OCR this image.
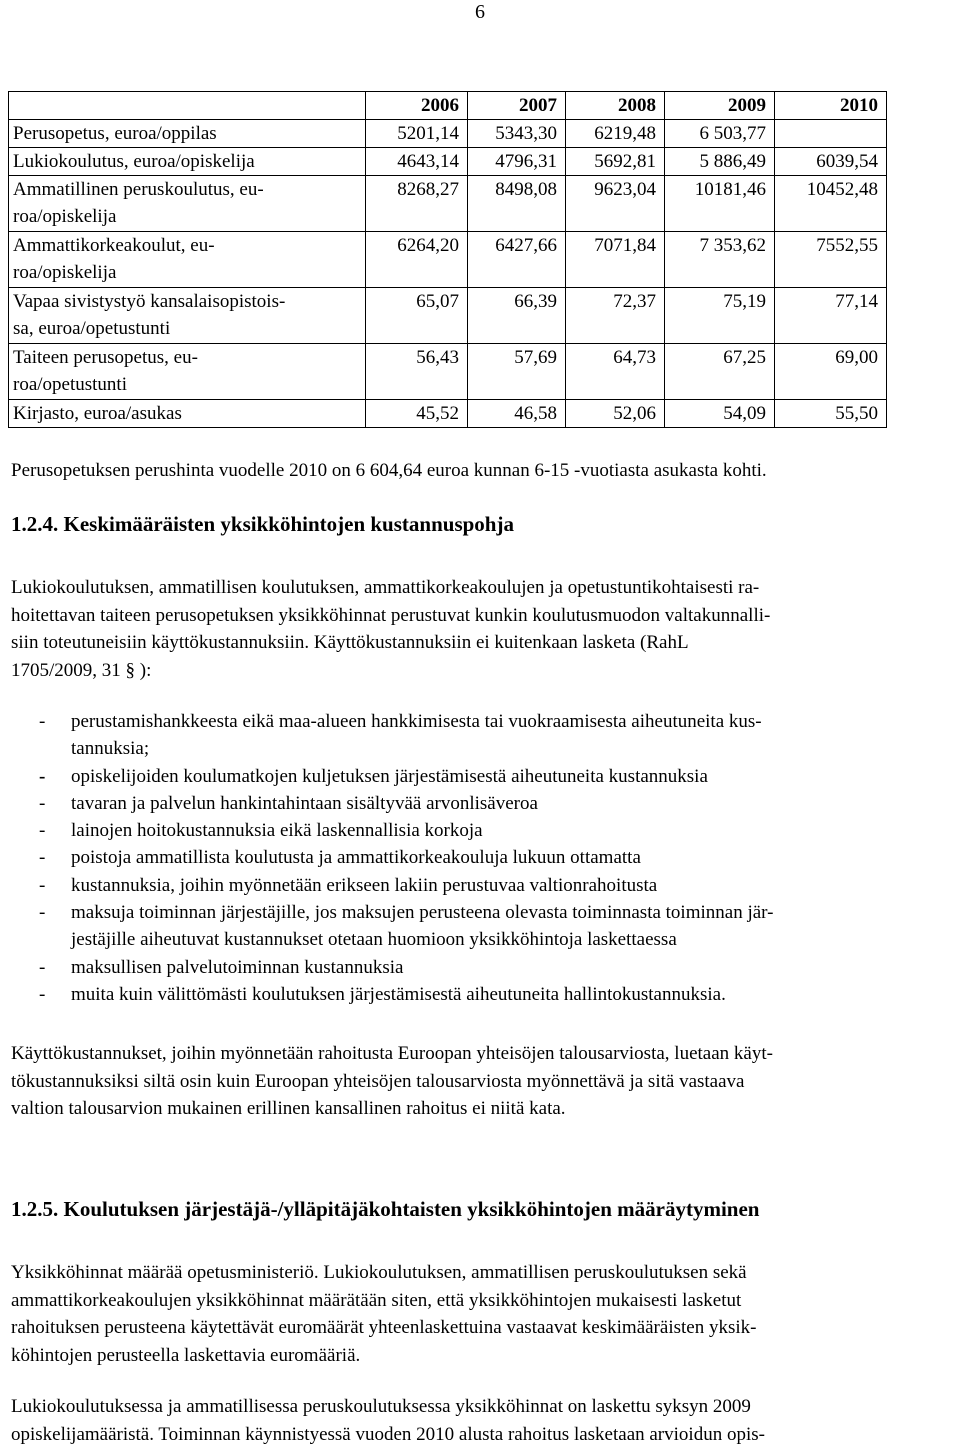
6
	2006	2007	2008	2009	2010
Perusopetus, euroa/oppilas	5201,14	5343,30	6219,48	6 503,77	
Lukiokoulutus, euroa/opiskelija	4643,14	4796,31	5692,81	5 886,49	6039,54
Ammatillinen peruskoulutus, eu-
roa/opiskelija	8268,27	8498,08	9623,04	10181,46	10452,48
Ammattikorkeakoulut, eu-
roa/opiskelija	6264,20	6427,66	7071,84	7 353,62	7552,55
Vapaa sivistystyö kansalaisopistois-
sa, euroa/opetustunti	65,07	66,39	72,37	75,19	77,14
Taiteen perusopetus, eu-
roa/opetustunti	56,43	57,69	64,73	67,25	69,00
Kirjasto, euroa/asukas	45,52	46,58	52,06	54,09	55,50

Perusopetuksen perushinta vuodelle 2010 on 6 604,64 euroa kunnan 6-15 -vuotiasta asukasta kohti.

1.2.4. Keskimääräisten yksikköhintojen kustannuspohja
Lukiokoulutuksen, ammatillisen koulutuksen, ammattikorkeakoulujen ja opetustuntikohtaisesti ra-
hoitettavan taiteen perusopetuksen yksikköhinnat perustuvat kunkin koulutusmuodon valtakunnalli-
siin toteutuneisiin käyttökustannuksiin. Käyttökustannuksiin ei kuitenkaan lasketa (RahL
1705/2009, 31 § ):
- perustamishankkeesta eikä maa-alueen hankkimisesta tai vuokraamisesta aiheutuneita kus-
tannuksia;
- opiskelijoiden koulumatkojen kuljetuksen järjestämisestä aiheutuneita kustannuksia
- tavaran ja palvelun hankintahintaan sisältyvää arvonlisäveroa
- lainojen hoitokustannuksia eikä laskennallisia korkoja
- poistoja ammatillista koulutusta ja ammattikorkeakouluja lukuun ottamatta
- kustannuksia, joihin myönnetään erikseen lakiin perustuvaa valtionrahoitusta
- maksuja toiminnan järjestäjille, jos maksujen perusteena olevasta toiminnasta toiminnan jär-
jestäjille aiheutuvat kustannukset otetaan huomioon yksikköhintoja laskettaessa
- maksullisen palvelutoiminnan kustannuksia
- muita kuin välittömästi koulutuksen järjestämisestä aiheutuneita hallintokustannuksia.
Käyttökustannukset, joihin myönnetään rahoitusta Euroopan yhteisöjen talousarviosta, luetaan käyt-
tökustannuksiksi siltä osin kuin Euroopan yhteisöjen talousarviosta myönnettävä ja sitä vastaava
valtion talousarvion mukainen erillinen kansallinen rahoitus ei niitä kata.
1.2.5. Koulutuksen järjestäjä-/ylläpitäjäkohtaisten yksikköhintojen määräytyminen
Yksikköhinnat määrää opetusministeriö. Lukiokoulutuksen, ammatillisen peruskoulutuksen sekä
ammattikorkeakoulujen yksikköhinnat määrätään siten, että yksikköhintojen mukaisesti lasketut
rahoituksen perusteena käytettävät euromäärät yhteenlaskettuina vastaavat keskimääräisten yksik-
köhintojen perusteella laskettavia euromääriä.
Lukiokoulutuksessa ja ammatillisessa peruskoulutuksessa yksikköhinnat on laskettu syksyn 2009
opiskelijamääristä. Toiminnan käynnistyessä vuoden 2010 alusta rahoitus lasketaan arvioidun opis-
